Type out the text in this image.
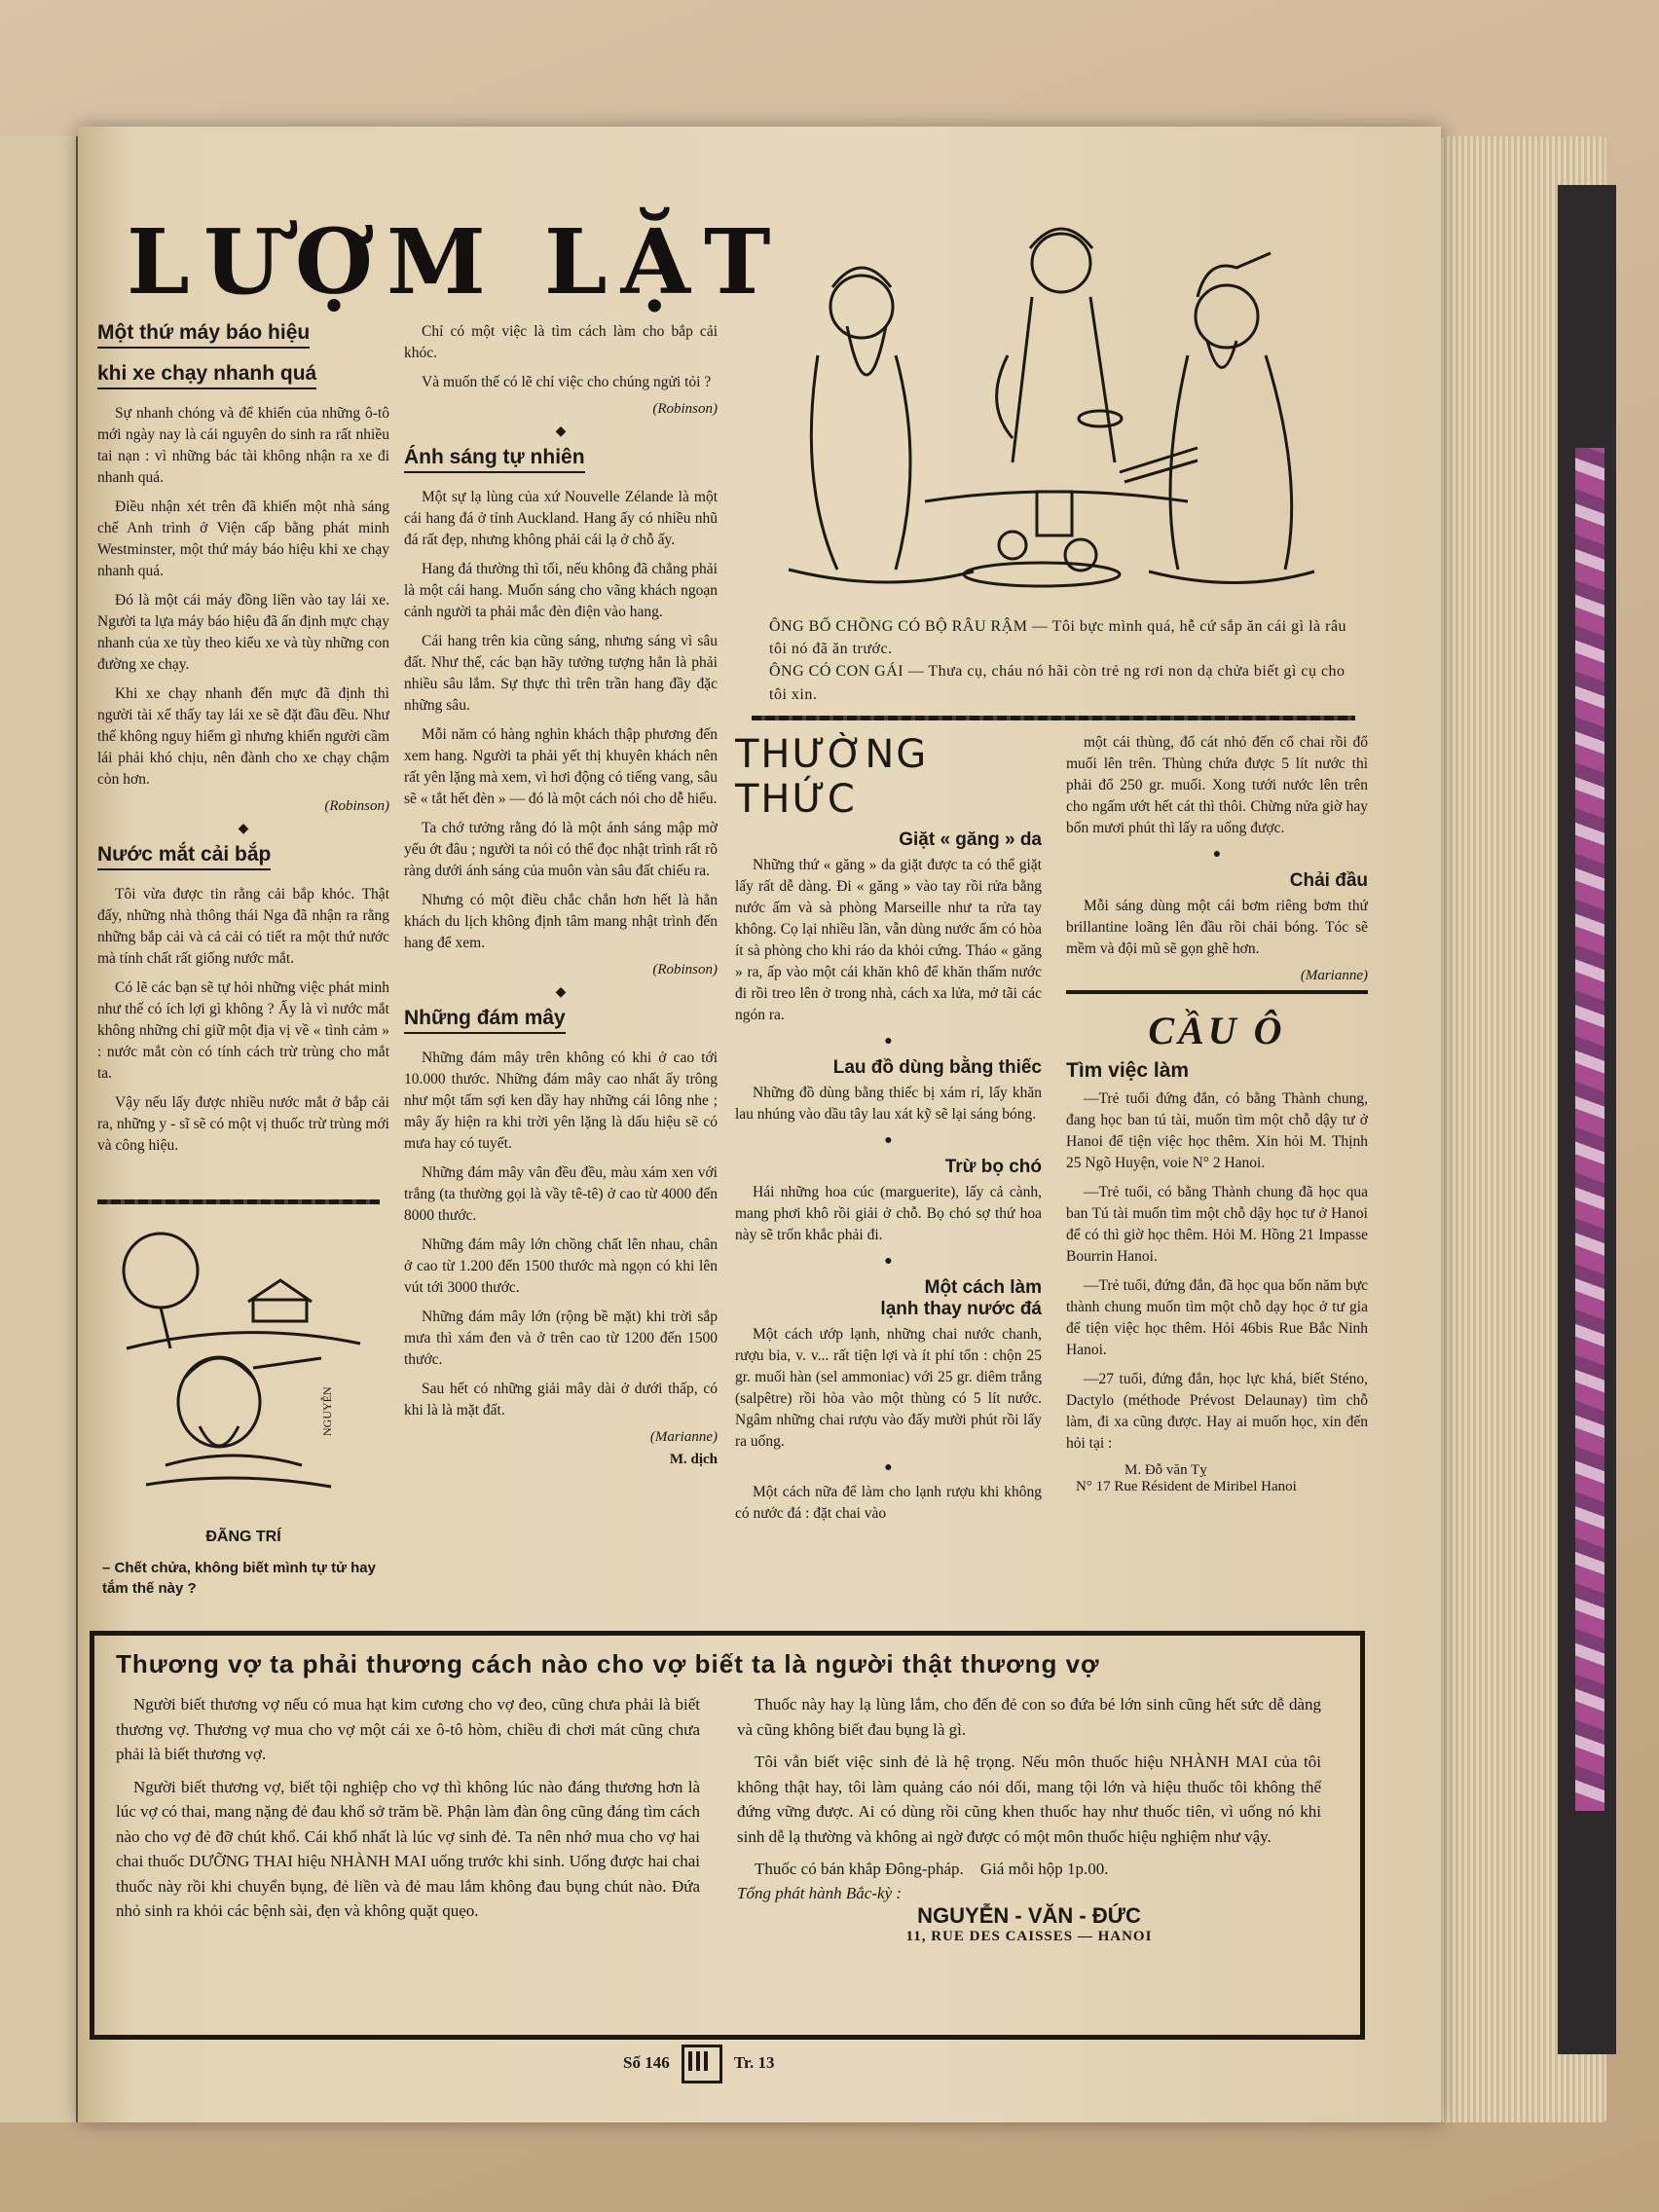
LƯỢM LẶT
Một thứ máy báo hiệu
khi xe chạy nhanh quá

Sự nhanh chóng và để khiến của những ô-tô mới ngày nay là cái nguyên do sinh ra rất nhiều tai nạn : vì những bác tài không nhận ra xe đi nhanh quá.

Điều nhận xét trên đã khiến một nhà sáng chế Anh trình ở Viện cấp bằng phát minh Westminster, một thứ máy báo hiệu khi xe chạy nhanh quá.

Đó là một cái máy đồng liền vào tay lái xe. Người ta lựa máy báo hiệu đã ấn định mực chạy nhanh của xe tùy theo kiểu xe và tùy những con đường xe chạy.

Khi xe chạy nhanh đến mực đã định thì người tài xế thấy tay lái xe sẽ đặt đầu đều. Như thế không nguy hiểm gì nhưng khiến người cầm lái phải khó chịu, nên đành cho xe chạy chậm còn hơn.

(Robinson)
◆
Nước mắt cải bắp

Tôi vừa được tin rằng cải bắp khóc. Thật đấy, những nhà thông thái Nga đã nhận ra rằng những bắp cải và cả cải có tiết ra một thứ nước mà tính chất rất giống nước mắt.

Có lẽ các bạn sẽ tự hỏi những việc phát minh như thế có ích lợi gì không ? Ấy là vì nước mắt không những chỉ giữ một địa vị về « tình cảm » : nước mắt còn có tính cách trừ trùng cho mắt ta.

Vậy nếu lấy được nhiều nước mắt ở bắp cải ra, những y - sĩ sẽ có một vị thuốc trừ trùng mới và công hiệu.

NGUYỄN
ĐÃNG TRÍ
– Chết chửa, không biết mình tự tử hay tắm thế này ?

Chỉ có một việc là tìm cách làm cho bắp cải khóc.

Và muốn thế có lẽ chỉ việc cho chúng ngửi tỏi ?

(Robinson)
◆
Ánh sáng tự nhiên

Một sự lạ lùng của xứ Nouvelle Zélande là một cái hang đá ở tỉnh Auckland. Hang ấy có nhiều nhũ đá rất đẹp, nhưng không phải cái lạ ở chỗ ấy.

Hang đá thường thì tối, nếu không đã chẳng phải là một cái hang. Muốn sáng cho vãng khách ngoạn cảnh người ta phải mắc đèn điện vào hang.

Cái hang trên kia cũng sáng, nhưng sáng vì sâu đất. Như thế, các bạn hãy tưởng tượng hẳn là phải nhiều sâu lắm. Sự thực thì trên trần hang đầy đặc những sâu.

Mỗi năm có hàng nghìn khách thập phương đến xem hang. Người ta phải yết thị khuyên khách nên rất yên lặng mà xem, vì hơi động có tiếng vang, sâu sẽ « tắt hết đèn » — đó là một cách nói cho dễ hiểu.

Ta chớ tưởng rằng đó là một ánh sáng mập mờ yếu ớt đâu ; người ta nói có thể đọc nhật trình rất rõ ràng dưới ánh sáng của muôn vàn sâu đất chiếu ra.

Nhưng có một điều chắc chắn hơn hết là hẳn khách du lịch không định tâm mang nhật trình đến hang để xem.

(Robinson)
◆
Những đám mây

Những đám mây trên không có khi ở cao tới 10.000 thước. Những đám mây cao nhất ấy trông như một tấm sợi ken dầy hay những cái lông nhe ; mây ấy hiện ra khi trời yên lặng là dấu hiệu sẽ có mưa hay có tuyết.

Những đám mây vân đều đều, màu xám xen với trắng (ta thường gọi là vầy tê-tê) ở cao từ 4000 đến 8000 thước.

Những đám mây lớn chồng chất lên nhau, chân ở cao từ 1.200 đến 1500 thước mà ngọn có khi lên vút tới 3000 thước.

Những đám mây lớn (rộng bề mặt) khi trời sắp mưa thì xám đen và ở trên cao từ 1200 đến 1500 thước.

Sau hết có những giải mây dài ở dưới thấp, có khi là là mặt đất.

(Marianne)
M. dịch
ÔNG BỐ CHỒNG CÓ BỘ RÂU RẬM — Tôi bực mình quá, hễ cứ sắp ăn cái gì là râu tôi nó đã ăn trước.
ÔNG CÓ CON GÁI — Thưa cụ, cháu nó hãi còn trẻ ng rơi non dạ chửa biết gì cụ cho tôi xin.
THƯỜNG THỨC
Giặt « găng » da

Những thứ « găng » da giặt được ta có thể giặt lấy rất dễ dàng. Đi « găng » vào tay rồi rửa bằng nước ấm và sà phòng Marseille như ta rửa tay không. Cọ lại nhiều lần, vẫn dùng nước ấm có hòa ít sà phòng cho khi ráo da khỏi cứng. Tháo « găng » ra, ấp vào một cái khăn khô để khăn thấm nước đi rồi treo lên ở trong nhà, cách xa lửa, mở tãi các ngón ra.

●
Lau đồ dùng bằng thiếc

Những đồ dùng bằng thiếc bị xám rỉ, lấy khăn lau nhúng vào dầu tây lau xát kỹ sẽ lại sáng bóng.

●
Trừ bọ chó

Hái những hoa cúc (marguerite), lấy cả cành, mang phơi khô rồi giải ở chỗ. Bọ chó sợ thứ hoa này sẽ trốn khắc phải đi.

●
Một cách làm
lạnh thay nước đá

Một cách ướp lạnh, những chai nước chanh, rượu bia, v. v... rất tiện lợi và ít phí tổn : chộn 25 gr. muối hàn (sel ammoniac) với 25 gr. diêm trắng (salpêtre) rồi hòa vào một thùng có 5 lít nước. Ngâm những chai rượu vào đấy mười phút rồi lấy ra uống.

●

Một cách nữa để làm cho lạnh rượu khi không có nước đá : đặt chai vào

một cái thùng, đổ cát nhỏ đến cổ chai rồi đổ muối lên trên. Thùng chứa được 5 lít nước thì phải đổ 250 gr. muối. Xong tưới nước lên trên cho ngấm ướt hết cát thì thôi. Chừng nửa giờ hay bốn mươi phút thì lấy ra uống được.

●
Chải đầu

Mỗi sáng dùng một cái bơm riêng bơm thứ brillantine loãng lên đầu rồi chải bóng. Tóc sẽ mềm và đội mũ sẽ gọn ghẽ hơn.

(Marianne)
CẦU Ô
Tìm việc làm

—Trẻ tuổi đứng đắn, có bằng Thành chung, đang học ban tú tài, muốn tìm một chỗ dậy tư ở Hanoi để tiện việc học thêm. Xin hỏi M. Thịnh 25 Ngõ Huyện, voie N° 2 Hanoi.

—Trẻ tuổi, có bằng Thành chung đã học qua ban Tú tài muốn tìm một chỗ dậy học tư ở Hanoi để có thì giờ học thêm. Hỏi M. Hồng 21 Impasse Bourrin Hanoi.

—Trẻ tuổi, đứng đắn, đã học qua bốn năm bực thành chung muốn tìm một chỗ dạy học ở tư gia để tiện việc học thêm. Hỏi 46bis Rue Bắc Ninh Hanoi.

—27 tuổi, đứng đắn, học lực khá, biết Sténo, Dactylo (méthode Prévost Delaunay) tìm chỗ làm, đi xa cũng được. Hay ai muốn học, xin đến hỏi tại :

M. Đỗ văn Tỵ
N° 17 Rue Résident de Miribel Hanoi
Thương vợ ta phải thương cách nào cho vợ biết ta là người thật thương vợ

Người biết thương vợ nếu có mua hạt kim cương cho vợ đeo, cũng chưa phải là biết thương vợ. Thương vợ mua cho vợ một cái xe ô-tô hòm, chiều đi chơi mát cũng chưa phải là biết thương vợ.

Người biết thương vợ, biết tội nghiệp cho vợ thì không lúc nào đáng thương hơn là lúc vợ có thai, mang nặng đẻ đau khổ sở trăm bề. Phận làm đàn ông cũng đáng tìm cách nào cho vợ đẻ đỡ chút khổ. Cái khổ nhất là lúc vợ sinh đẻ. Ta nên nhớ mua cho vợ hai chai thuốc DƯỠNG THAI hiệu NHÀNH MAI uống trước khi sinh. Uống được hai chai thuốc này rồi khi chuyển bụng, đẻ liền và đẻ mau lắm không đau bụng chút nào. Đứa nhỏ sinh ra khỏi các bệnh sài, đẹn và không quặt quẹo.

Thuốc này hay lạ lùng lắm, cho đến đẻ con so đứa bé lớn sinh cũng hết sức dễ dàng và cũng không biết đau bụng là gì.

Tôi vẫn biết việc sinh đẻ là hệ trọng. Nếu môn thuốc hiệu NHÀNH MAI của tôi không thật hay, tôi làm quảng cáo nói dối, mang tội lớn và hiệu thuốc tôi không thể đứng vững được. Ai có dùng rồi cũng khen thuốc hay như thuốc tiên, vì uống nó khi sinh dễ lạ thường và không ai ngờ được có một môn thuốc hiệu nghiệm như vậy.

Thuốc có bán khắp Đông-pháp. Giá mỗi hộp 1p.00.

Tổng phát hành Bắc-kỳ :
NGUYỄN - VĂN - ĐỨC
11, RUE DES CAISSES — HANOI
Số 146	Tr. 13
